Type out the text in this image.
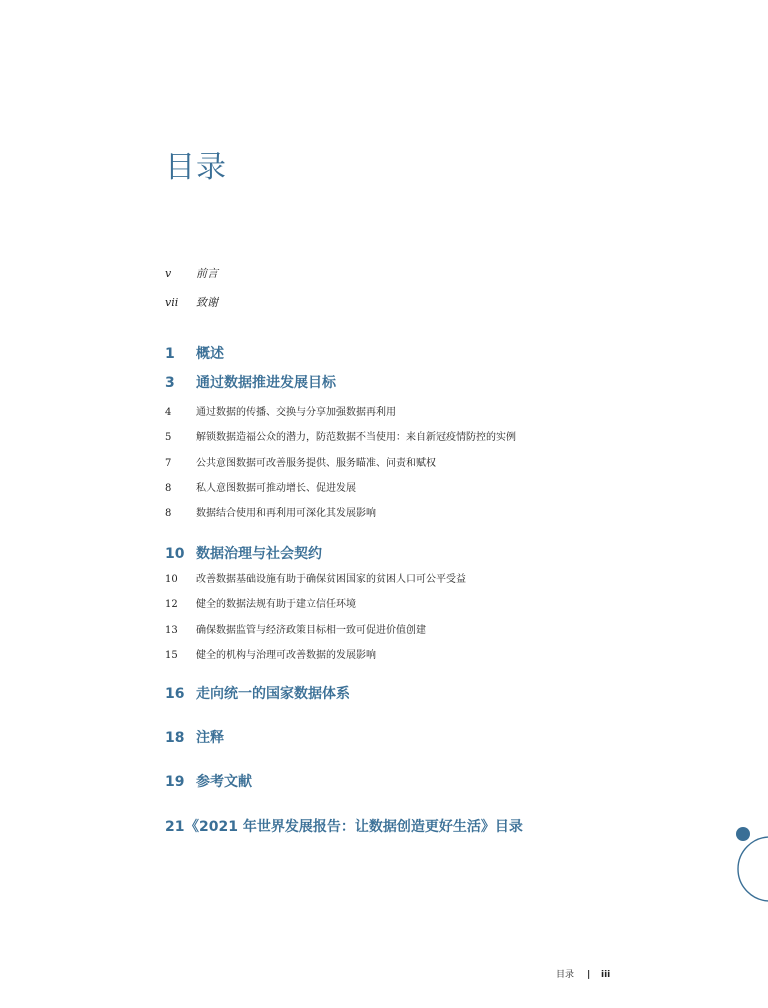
目录
v	前言
vii	致谢
1	概述
3	通过数据推进发展目标
4	通过数据的传播、交换与分享加强数据再利用
5	解锁数据造福公众的潜力，防范数据不当使用：来自新冠疫情防控的实例
7	公共意图数据可改善服务提供、服务瞄准、问责和赋权
8	私人意图数据可推动增长、促进发展
8	数据结合使用和再利用可深化其发展影响
10 数据治理与社会契约
10	改善数据基础设施有助于确保贫困国家的贫困人口可公平受益
12	健全的数据法规有助于建立信任环境
13	确保数据监管与经济政策目标相一致可促进价值创建
15	健全的机构与治理可改善数据的发展影响
16 走向统一的国家数据体系
18 注释
19 参考文献
21 《2021 年世界发展报告：让数据创造更好生活》目录
目录 | iii
